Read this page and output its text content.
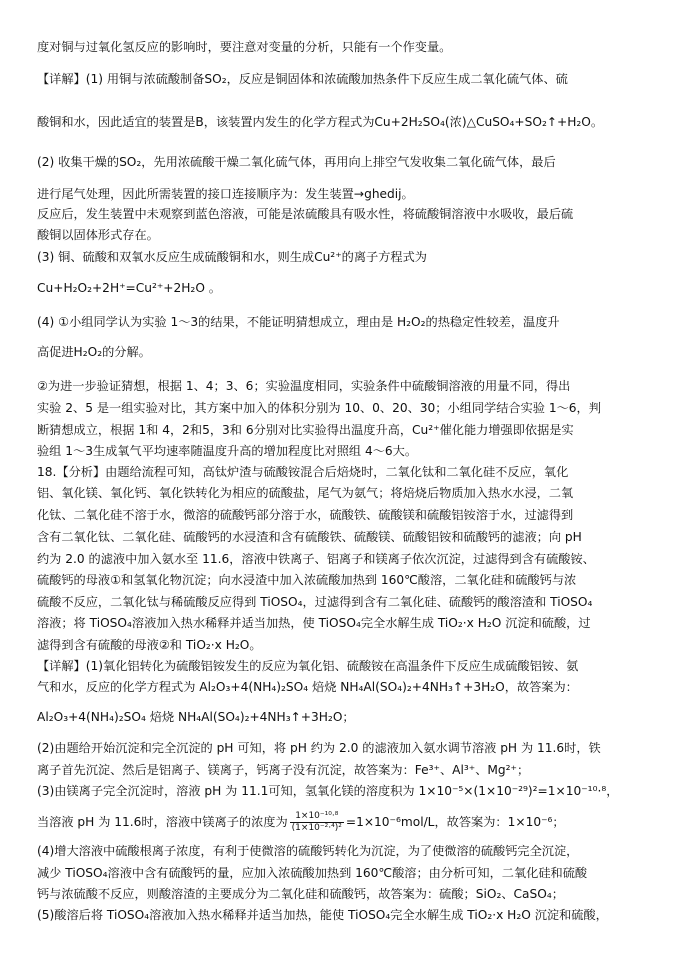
度对铜与过氧化氢反应的影响时，要注意对变量的分析，只能有一个作变量。
【详解】(1) 用铜与浓硫酸制备SO₂，反应是铜固体和浓硫酸加热条件下反应生成二氧化硫气体、硫
酸铜和水，因此适宜的装置是B，该装置内发生的化学方程式为Cu+2H₂SO₄(浓)△CuSO₄+SO₂↑+H₂O。
(2) 收集干燥的SO₂，先用浓硫酸干燥二氧化硫气体，再用向上排空气发收集二氧化硫气体，最后
进行尾气处理，因此所需装置的接口连接顺序为：发生装置→ghedij。
反应后，发生装置中未观察到蓝色溶液，可能是浓硫酸具有吸水性，将硫酸铜溶液中水吸收，最后硫
酸铜以固体形式存在。
(3) 铜、硫酸和双氧水反应生成硫酸铜和水，则生成Cu²⁺的离子方程式为
Cu+H₂O₂+2H⁺=Cu²⁺+2H₂O 。
(4) ①小组同学认为实验 1～3的结果，不能证明猜想成立，理由是 H₂O₂的热稳定性较差，温度升
高促进H₂O₂的分解。
②为进一步验证猜想，根据 1、4；3、6；实验温度相同，实验条件中硫酸铜溶液的用量不同，得出
实验 2、5 是一组实验对比，其方案中加入的体积分别为 10、0、20、30；小组同学结合实验 1～6，判
断猜想成立，根据 1和 4，2和5，3和 6分别对比实验得出温度升高，Cu²⁺催化能力增强即依据是实
验组 1～3生成氧气平均速率随温度升高的增加程度比对照组 4～6大。
18.【分析】由题给流程可知，高钛炉渣与硫酸铵混合后焙烧时，二氧化钛和二氧化硅不反应，氧化
铝、氧化镁、氧化钙、氧化铁转化为相应的硫酸盐，尾气为氨气；将焙烧后物质加入热水水浸，二氧
化钛、二氧化硅不溶于水，微溶的硫酸钙部分溶于水，硫酸铁、硫酸镁和硫酸铝铵溶于水，过滤得到
含有二氧化钛、二氧化硅、硫酸钙的水浸渣和含有硫酸铁、硫酸镁、硫酸铝铵和硫酸钙的滤液；向 pH
约为 2.0 的滤液中加入氨水至 11.6，溶液中铁离子、铝离子和镁离子依次沉淀，过滤得到含有硫酸铵、
硫酸钙的母液①和氢氧化物沉淀；向水浸渣中加入浓硫酸加热到 160℃酸溶，二氧化硅和硫酸钙与浓
硫酸不反应，二氧化钛与稀硫酸反应得到 TiOSO₄，过滤得到含有二氧化硅、硫酸钙的酸溶渣和 TiOSO₄
溶液；将 TiOSO₄溶液加入热水稀释并适当加热，使 TiOSO₄完全水解生成 TiO₂·x H₂O 沉淀和硫酸，过
滤得到含有硫酸的母液②和 TiO₂·x H₂O。
【详解】(1)氧化铝转化为硫酸铝铵发生的反应为氧化铝、硫酸铵在高温条件下反应生成硫酸铝铵、氨
气和水，反应的化学方程式为 Al₂O₃+4(NH₄)₂SO₄ 焙烧 NH₄Al(SO₄)₂+4NH₃↑+3H₂O，故答案为：
Al₂O₃+4(NH₄)₂SO₄ 焙烧 NH₄Al(SO₄)₂+4NH₃↑+3H₂O；
(2)由题给开始沉淀和完全沉淀的 pH 可知，将 pH 约为 2.0 的滤液加入氨水调节溶液 pH 为 11.6时，铁
离子首先沉淀、然后是铝离子、镁离子，钙离子没有沉淀，故答案为：Fe³⁺、Al³⁺、Mg²⁺；
(3)由镁离子完全沉淀时，溶液 pH 为 11.1可知，氢氧化镁的溶度积为 1×10⁻⁵×(1×10⁻²⁹)²=1×10⁻¹⁰·⁸，
当溶液 pH 为 11.6时，溶液中镁离子的浓度为 $\frac{\text{1×10⁻¹⁰·⁸}}{\text{(1×10⁻²·⁴)²}} =1\times 10^{-6}mol/L$，故答案为：1×10⁻⁶；
(4)增大溶液中硫酸根离子浓度，有利于使微溶的硫酸钙转化为沉淀，为了使微溶的硫酸钙完全沉淀，
减少 TiOSO₄溶液中含有硫酸钙的量，应加入浓硫酸加热到 160℃酸溶；由分析可知，二氧化硅和硫酸
钙与浓硫酸不反应，则酸溶渣的主要成分为二氧化硅和硫酸钙，故答案为：硫酸；SiO₂、CaSO₄；
(5)酸溶后将 TiOSO₄溶液加入热水稀释并适当加热，能使 TiOSO₄完全水解生成 TiO₂·x H₂O 沉淀和硫酸，
